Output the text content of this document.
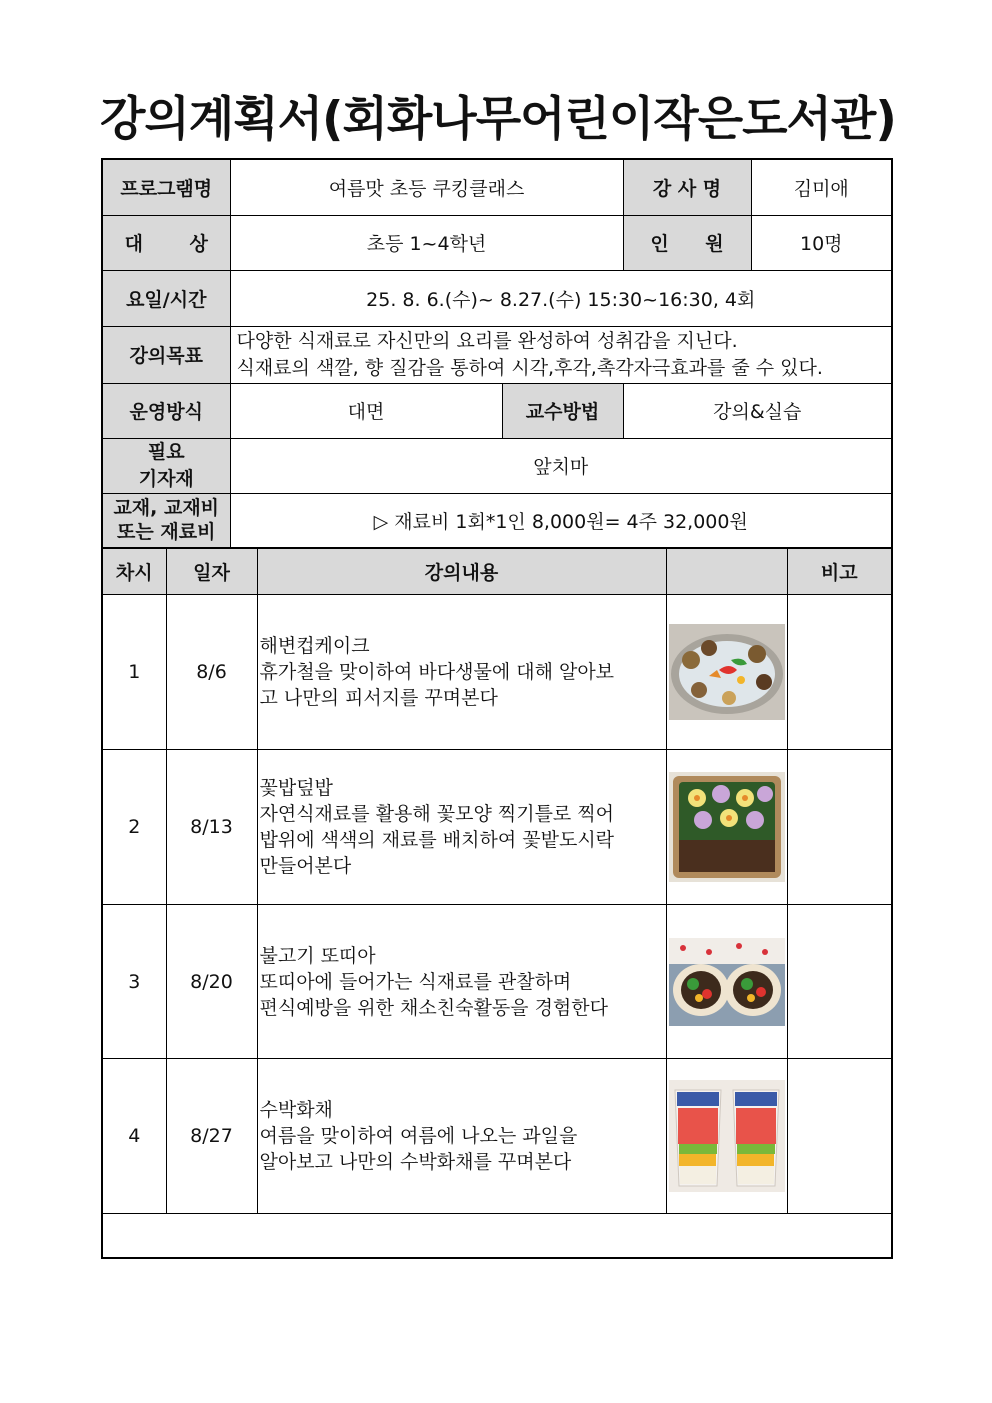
강의계획서(회화나무어린이작은도서관)
프로그램명	여름맛 초등 쿠킹클래스		강 사 명	김미애
대 상	초등 1~4학년		인 원	10명
요일/시간	25. 8. 6.(수)~ 8.27.(수) 15:30~16:30, 4회			
강의목표	다양한 식재료로 자신만의 요리를 완성하여 성취감을 지닌다.
식재료의 색깔, 향 질감을 통하여 시각,후각,촉각자극효과를 줄 수 있다.			

운영방식	대면	교수방법	강의&실습	

필요
기자재	앞치마			

교재, 교재비
또는 재료비	▷ 재료비 1회*1인 8,000원= 4주 32,000원			
차시	일자	강의내용		비고
1	8/6	해변컵케이크
휴가철을 맞이하여 바다생물에 대해 알아보
고 나만의 피서지를 꾸며본다

2	8/13	꽃밥덮밥
자연식재료를 활용해 꽃모양 찍기틀로 찍어
밥위에 색색의 재료를 배치하여 꽃밭도시락
만들어본다

3	8/20	불고기 또띠아
또띠아에 들어가는 식재료를 관찰하며
편식예방을 위한 채소친숙활동을 경험한다

4	8/27	수박화채
여름을 맞이하여 여름에 나오는 과일을
알아보고 나만의 수박화채를 꾸며본다
